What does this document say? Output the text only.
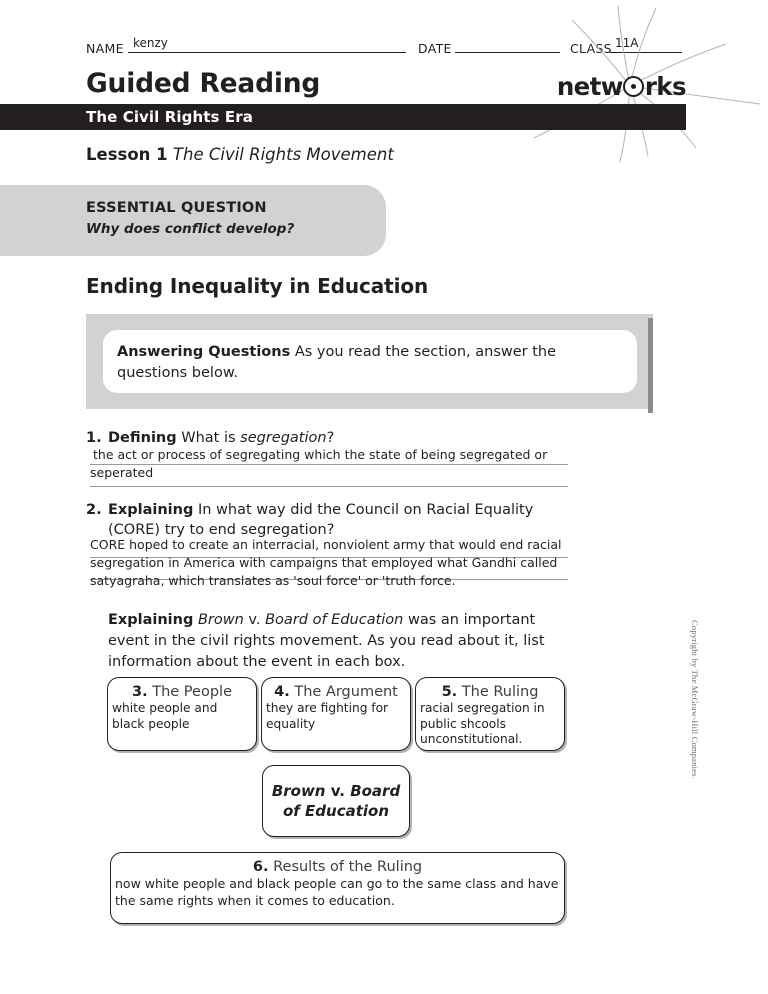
NAME kenzy	DATE	CLASS 11A
Guided Reading	netw rks
The Civil Rights Era
Lesson 1 The Civil Rights Movement
ESSENTIAL QUESTION
Why does conflict develop?
Ending Inequality in Education

Answering Questions As you read the section, answer the questions below.

1. Defining What is segregation?
the act or process of segregating which the state of being segregated or
seperated
2. Explaining In what way did the Council on Racial Equality (CORE) try to end segregation?
CORE hoped to create an interracial, nonviolent army that would end racial
segregation in America with campaigns that employed what Gandhi called
satyagraha, which translates as 'soul force' or 'truth force.
Explaining Brown v. Board of Education was an important event in the civil rights movement. As you read about it, list information about the event in each box.
3. The People
white people and black people
4. The Argument
they are fighting for equality
5. The Ruling
racial segregation in public shcools unconstitutional.
Brown v. Board
of Education
6. Results of the Ruling
now white people and black people can go to the same class and have the same rights when it comes to education.
Copyright by The McGraw-Hill Companies.
